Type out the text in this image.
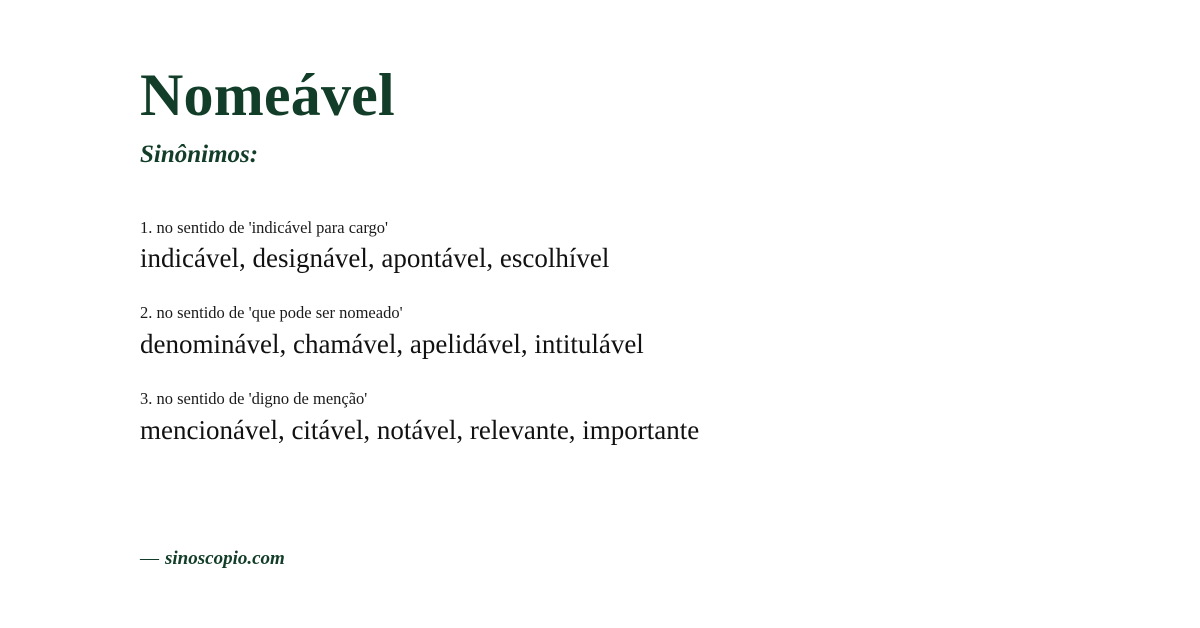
Nomeável
Sinônimos:

1. no sentido de 'indicável para cargo'

indicável, designável, apontável, escolhível

2. no sentido de 'que pode ser nomeado'

denominável, chamável, apelidável, intitulável

3. no sentido de 'digno de menção'

mencionável, citável, notável, relevante, importante

— sinoscopio.com
